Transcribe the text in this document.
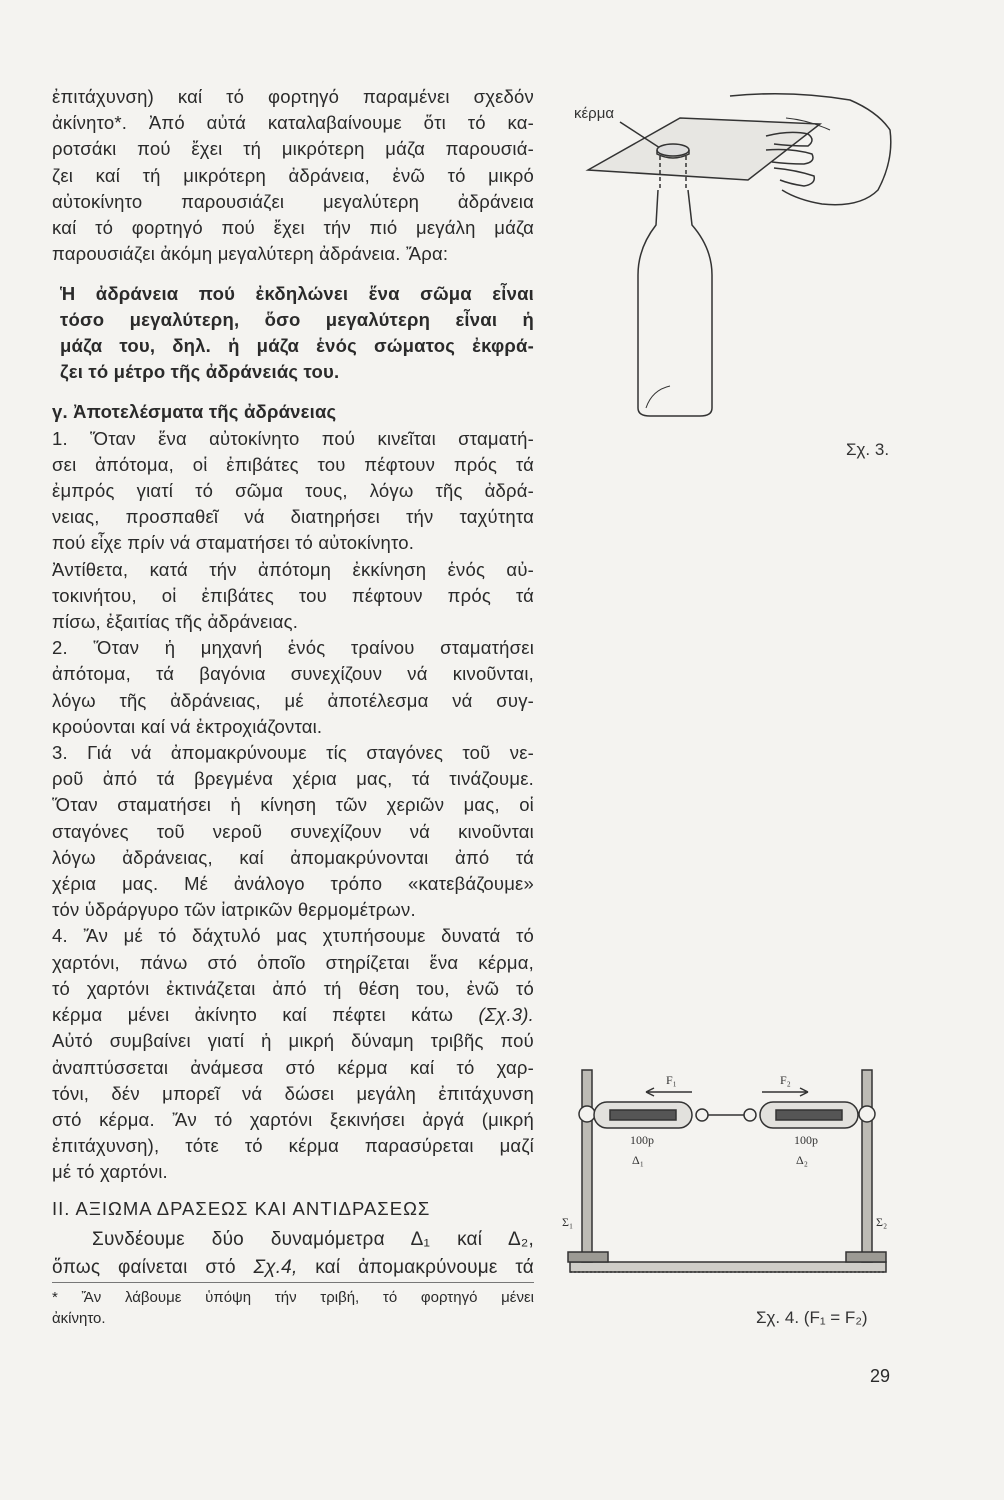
ἐπιτάχυνση) καί τό φορτηγό παραμένει σχεδόν
ἀκίνητο*. Ἀπό αὐτά καταλαβαίνουμε ὅτι τό κα-
ροτσάκι πού ἔχει τή μικρότερη μάζα παρουσιά-
ζει καί τή μικρότερη ἀδράνεια, ἐνῶ τό μικρό
αὐτοκίνητο παρουσιάζει μεγαλύτερη ἀδράνεια
καί τό φορτηγό πού ἔχει τήν πιό μεγάλη μάζα
παρουσιάζει ἀκόμη μεγαλύτερη ἀδράνεια. Ἄρα:
Ἡ ἀδράνεια πού ἐκδηλώνει ἕνα σῶμα εἶναι
τόσο μεγαλύτερη, ὅσο μεγαλύτερη εἶναι ἡ
μάζα του, δηλ. ἡ μάζα ἑνός σώματος ἐκφρά-
ζει τό μέτρο τῆς ἀδράνειάς του.
γ. Ἀποτελέσματα τῆς ἀδράνειας
1. Ὅταν ἕνα αὐτοκίνητο πού κινεῖται σταματή-
σει ἀπότομα, οἱ ἐπιβάτες του πέφτουν πρός τά
ἐμπρός γιατί τό σῶμα τους, λόγω τῆς ἀδρά-
νειας, προσπαθεῖ νά διατηρήσει τήν ταχύτητα
πού εἶχε πρίν νά σταματήσει τό αὐτοκίνητο.
Ἀντίθετα, κατά τήν ἀπότομη ἐκκίνηση ἑνός αὐ-
τοκινήτου, οἱ ἐπιβάτες του πέφτουν πρός τά
πίσω, ἐξαιτίας τῆς ἀδράνειας.
2. Ὅταν ἡ μηχανή ἑνός τραίνου σταματήσει
ἀπότομα, τά βαγόνια συνεχίζουν νά κινοῦνται,
λόγω τῆς ἀδράνειας, μέ ἀποτέλεσμα νά συγ-
κρούονται καί νά ἐκτροχιάζονται.
3. Γιά νά ἀπομακρύνουμε τίς σταγόνες τοῦ νε-
ροῦ ἀπό τά βρεγμένα χέρια μας, τά τινάζουμε.
Ὅταν σταματήσει ἡ κίνηση τῶν χεριῶν μας, οἱ
σταγόνες τοῦ νεροῦ συνεχίζουν νά κινοῦνται
λόγω ἀδράνειας, καί ἀπομακρύνονται ἀπό τά
χέρια μας. Μέ ἀνάλογο τρόπο «κατεβάζουμε»
τόν ὑδράργυρο τῶν ἰατρικῶν θερμομέτρων.
4. Ἄν μέ τό δάχτυλό μας χτυπήσουμε δυνατά τό
χαρτόνι, πάνω στό ὁποῖο στηρίζεται ἕνα κέρμα,
τό χαρτόνι ἐκτινάζεται ἀπό τή θέση του, ἐνῶ τό
κέρμα μένει ἀκίνητο καί πέφτει κάτω (Σχ.3).
Αὐτό συμβαίνει γιατί ἡ μικρή δύναμη τριβῆς πού
ἀναπτύσσεται ἀνάμεσα στό κέρμα καί τό χαρ-
τόνι, δέν μπορεῖ νά δώσει μεγάλη ἐπιτάχυνση
στό κέρμα. Ἄν τό χαρτόνι ξεκινήσει ἀργά (μικρή
ἐπιτάχυνση), τότε τό κέρμα παρασύρεται μαζί
μέ τό χαρτόνι.
ΙΙ. ΑΞΙΩΜΑ ΔΡΑΣΕΩΣ ΚΑΙ ΑΝΤΙΔΡΑΣΕΩΣ
Συνδέουμε δύο δυναμόμετρα Δ₁ καί Δ₂,
ὅπως φαίνεται στό Σχ.4, καί ἀπομακρύνουμε τά
* Ἄν λάβουμε ὑπόψη τήν τριβή, τό φορτηγό μένει
ἀκίνητο.
κέρμα
Σχ. 3.
F₁	F₂
100p	100p
Δ₁	Δ₂
Σ₁	Σ₂
Σχ. 4. (F₁ = F₂)
29
